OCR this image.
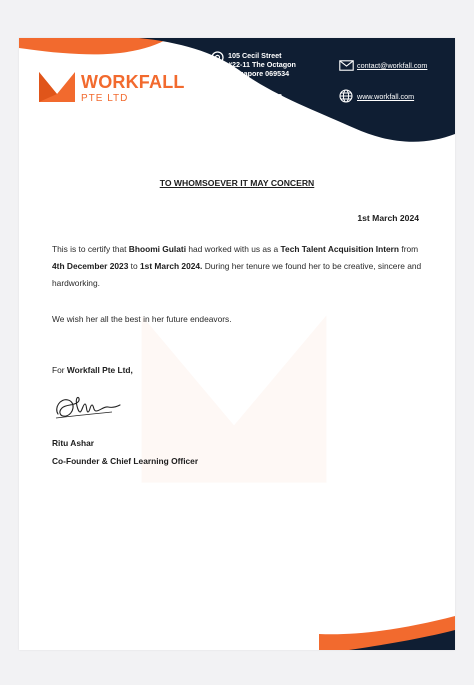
WORKFALL
PTE LTD
105 Cecil Street
#22-11 The Octagon
Singapore 069534
(+65) 6978 1008
contact@workfall.com
www.workfall.com
TO WHOMSOEVER IT MAY CONCERN
1st March 2024
This is to certify that Bhoomi Gulati had worked with us as a Tech Talent Acquisition Intern from 4th December 2023 to 1st March 2024. During her tenure we found her to be creative, sincere and hardworking.
We wish her all the best in her future endeavors.
For Workfall Pte Ltd,
Ritu Ashar
Co-Founder & Chief Learning Officer
